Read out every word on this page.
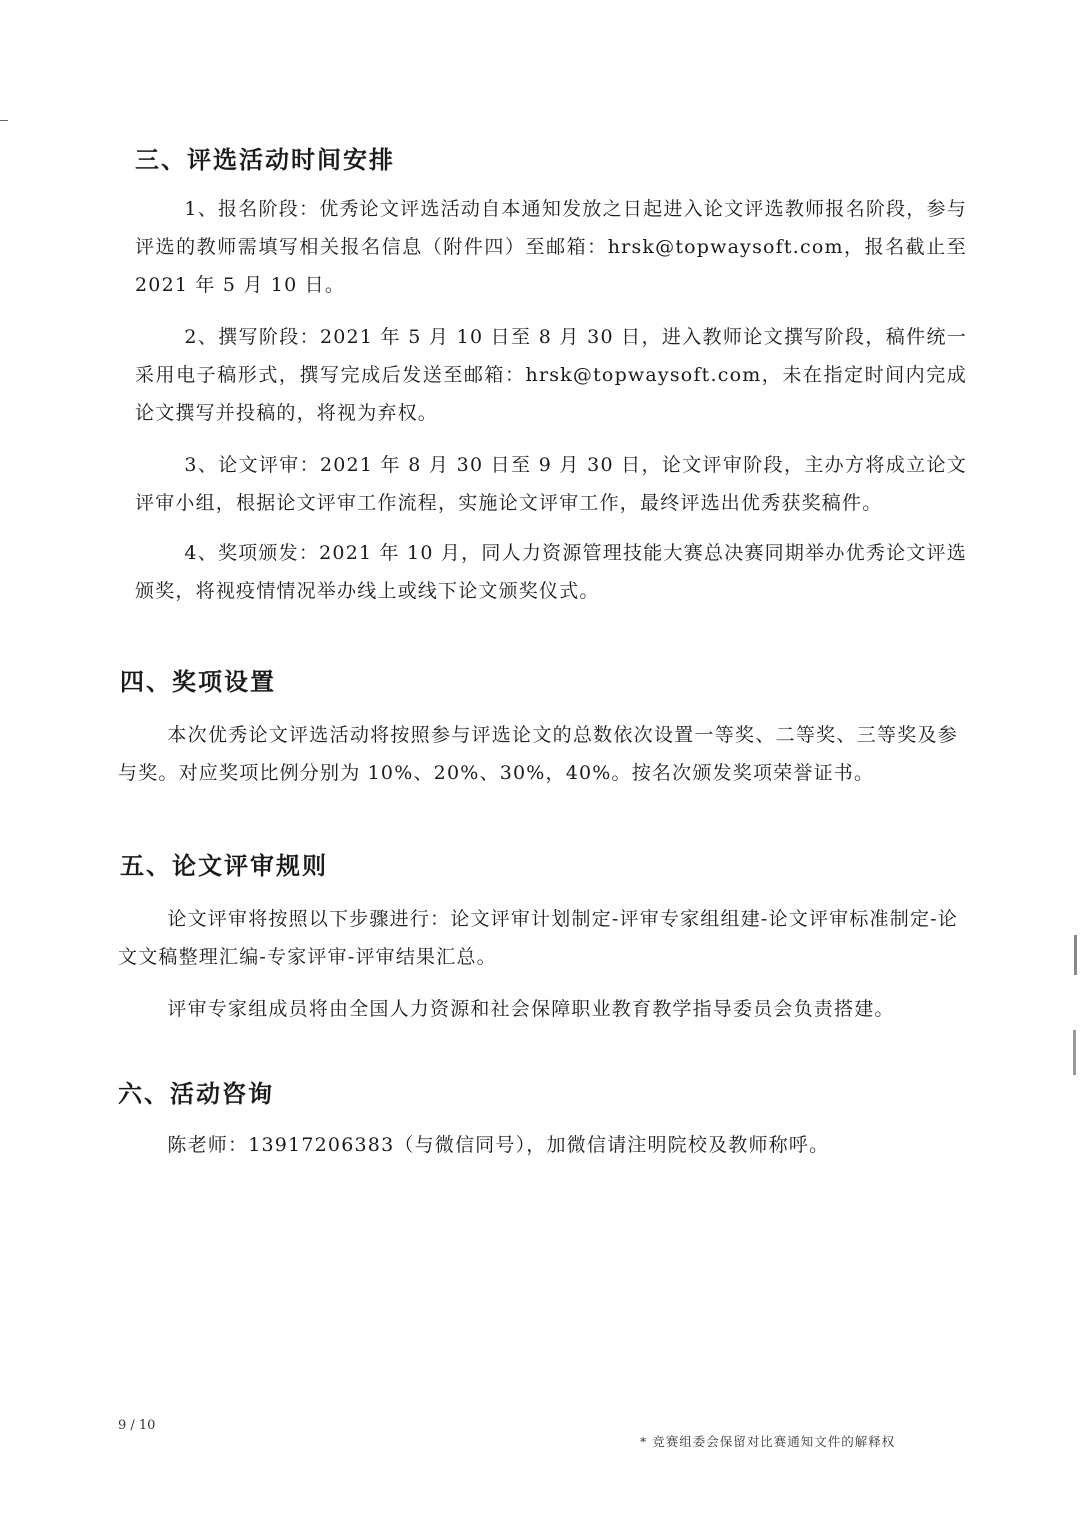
三、评选活动时间安排
1、报名阶段：优秀论文评选活动自本通知发放之日起进入论文评选教师报名阶段，参与评选的教师需填写相关报名信息（附件四）至邮箱：hrsk@topwaysoft.com，报名截止至 2021 年 5 月 10 日。
2、撰写阶段：2021 年 5 月 10 日至 8 月 30 日，进入教师论文撰写阶段，稿件统一采用电子稿形式，撰写完成后发送至邮箱：hrsk@topwaysoft.com，未在指定时间内完成论文撰写并投稿的，将视为弃权。
3、论文评审：2021 年 8 月 30 日至 9 月 30 日，论文评审阶段，主办方将成立论文评审小组，根据论文评审工作流程，实施论文评审工作，最终评选出优秀获奖稿件。
4、奖项颁发：2021 年 10 月，同人力资源管理技能大赛总决赛同期举办优秀论文评选颁奖，将视疫情情况举办线上或线下论文颁奖仪式。
四、奖项设置
本次优秀论文评选活动将按照参与评选论文的总数依次设置一等奖、二等奖、三等奖及参与奖。对应奖项比例分别为 10%、20%、30%，40%。按名次颁发奖项荣誉证书。
五、论文评审规则
论文评审将按照以下步骤进行：论文评审计划制定-评审专家组组建-论文评审标准制定-论文文稿整理汇编-专家评审-评审结果汇总。
评审专家组成员将由全国人力资源和社会保障职业教育教学指导委员会负责搭建。
六、活动咨询
陈老师：13917206383（与微信同号），加微信请注明院校及教师称呼。
9 / 10
* 竞赛组委会保留对比赛通知文件的解释权
